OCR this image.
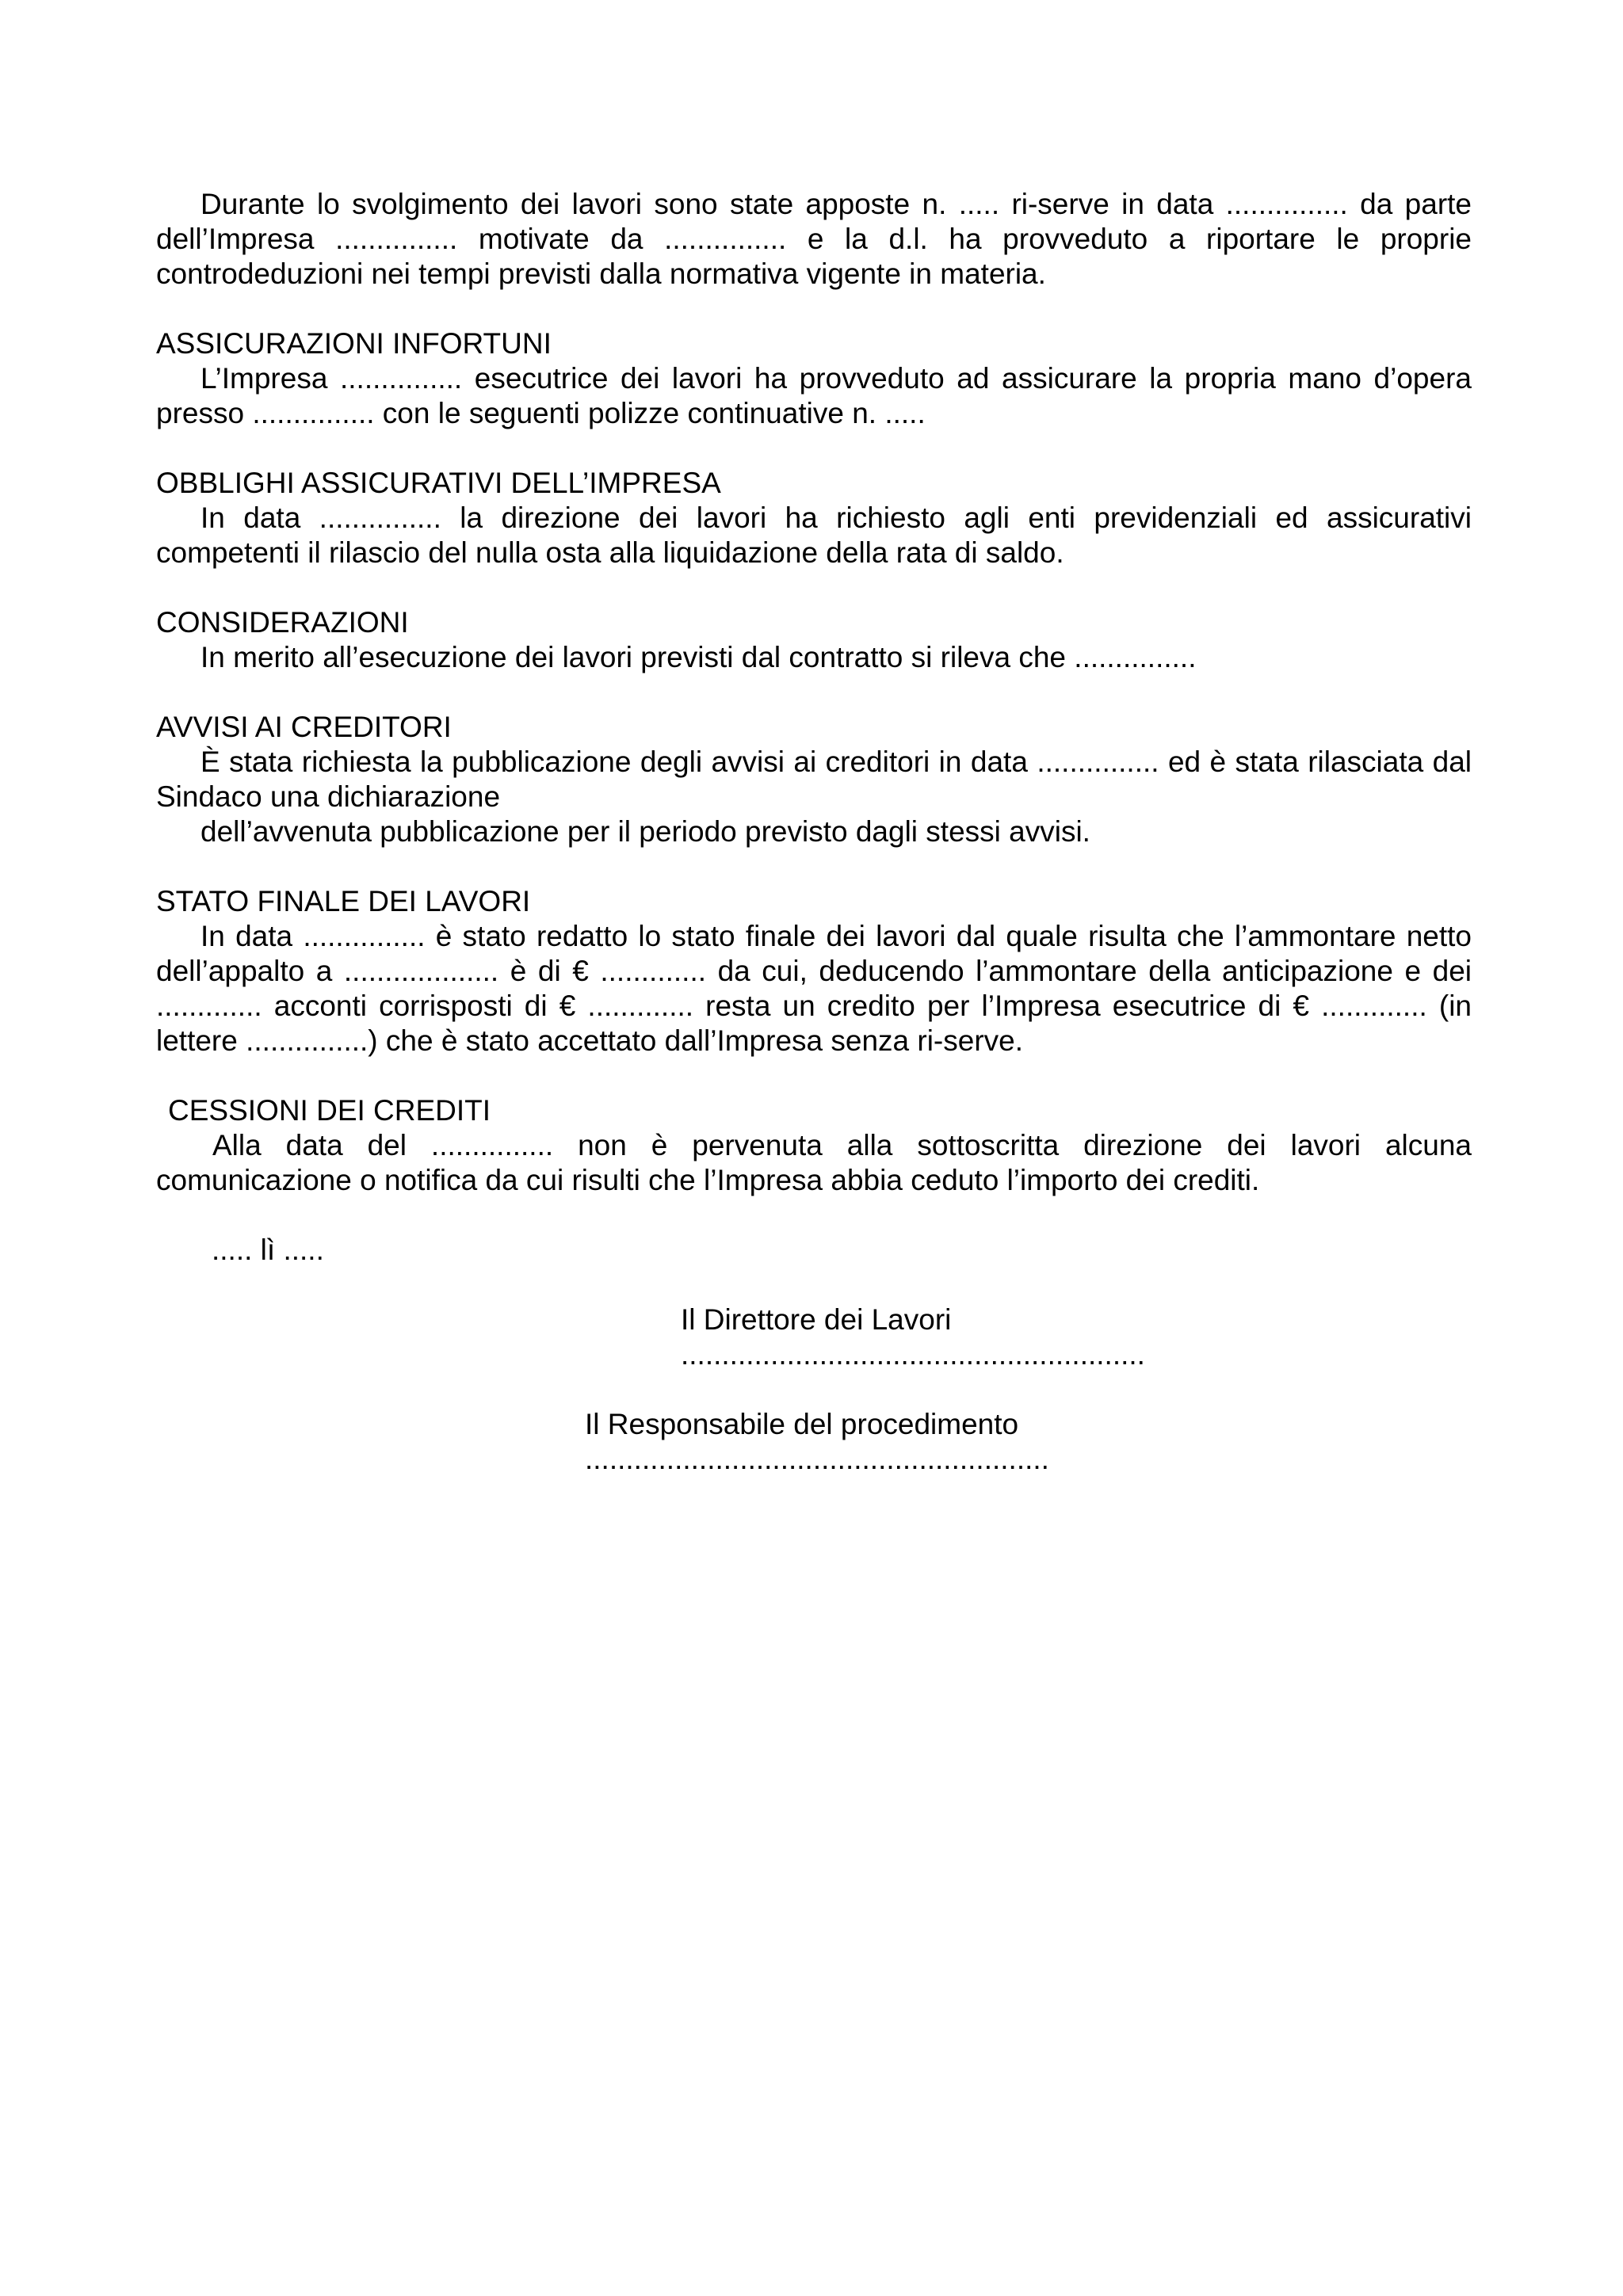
Durante lo svolgimento dei lavori sono state apposte n. ..... ri-serve in data ............... da parte dell’Impresa ............... motivate da ............... e la d.l. ha provveduto a riportare le proprie controdeduzioni nei tempi previsti dalla normativa vigente in materia.

ASSICURAZIONI INFORTUNI

L’Impresa ............... esecutrice dei lavori ha provveduto ad assicurare la propria mano d’opera presso ............... con le seguenti polizze continuative n. .....

OBBLIGHI ASSICURATIVI DELL’IMPRESA

In data ............... la direzione dei lavori ha richiesto agli enti previdenziali ed assicurativi competenti il rilascio del nulla osta alla liquidazione della rata di saldo.

CONSIDERAZIONI

In merito all’esecuzione dei lavori previsti dal contratto si rileva che ...............

AVVISI AI CREDITORI

È stata richiesta la pubblicazione degli avvisi ai creditori in data ............... ed è stata rilasciata dal Sindaco una dichiarazione

dell’avvenuta pubblicazione per il periodo previsto dagli stessi avvisi.

STATO FINALE DEI LAVORI

In data ............... è stato redatto lo stato finale dei lavori dal quale risulta che l’ammontare netto dell’appalto a ................... è di € ............. da cui, deducendo l’ammontare della anticipazione e dei ............. acconti corrisposti di € ............. resta un credito per l’Impresa esecutrice di € ............. (in lettere ...............) che è stato accettato dall’Impresa senza ri-serve.

CESSIONI DEI CREDITI

Alla data del ............... non è pervenuta alla sottoscritta direzione dei lavori alcuna comunicazione o notifica da cui risulti che l’Impresa abbia ceduto l’importo dei crediti.

..... lì .....

Il Direttore dei Lavori

.........................................................

Il Responsabile del procedimento

.........................................................
